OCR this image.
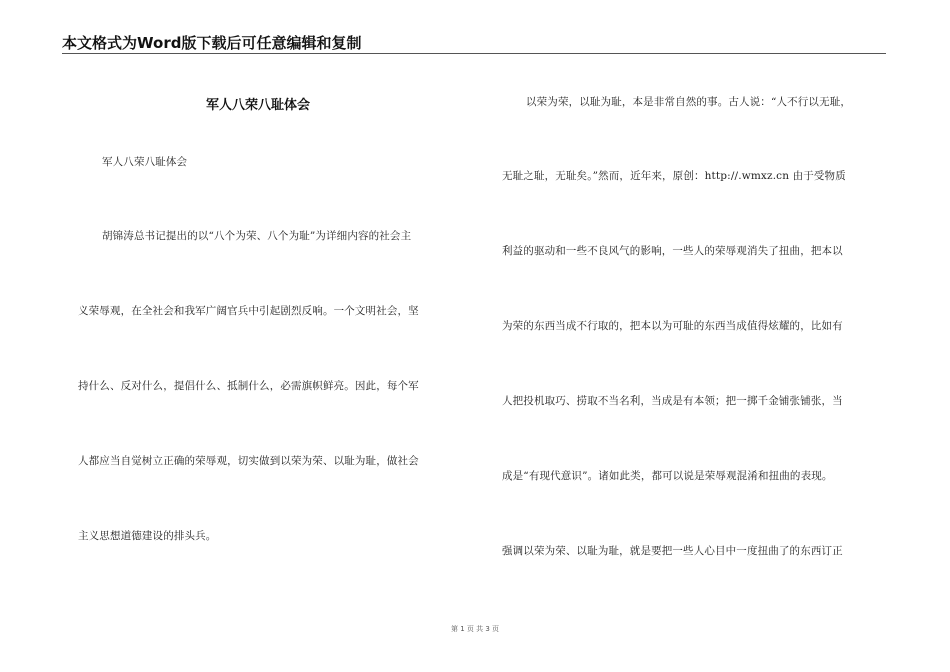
本文格式为Word版下载后可任意编辑和复制
军人八荣八耻体会
军人八荣八耻体会
胡锦涛总书记提出的以“八个为荣、八个为耻”为详细内容的社会主
义荣辱观，在全社会和我军广阔官兵中引起剧烈反响。一个文明社会，坚
持什么、反对什么，提倡什么、抵制什么，必需旗帜鲜亮。因此，每个军
人都应当自觉树立正确的荣辱观，切实做到以荣为荣、以耻为耻，做社会
主义思想道德建设的排头兵。
以荣为荣，以耻为耻，本是非常自然的事。古人说：“人不行以无耻，
无耻之耻，无耻矣。”然而，近年来，原创：http://.wmxz.cn 由于受物质
利益的驱动和一些不良风气的影响，一些人的荣辱观消失了扭曲，把本以
为荣的东西当成不行取的，把本以为可耻的东西当成值得炫耀的，比如有
人把投机取巧、捞取不当名利，当成是有本领；把一掷千金铺张铺张，当
成是“有现代意识”。诸如此类，都可以说是荣辱观混淆和扭曲的表现。
强调以荣为荣、以耻为耻，就是要把一些人心目中一度扭曲了的东西订正
第 1 页 共 3 页
